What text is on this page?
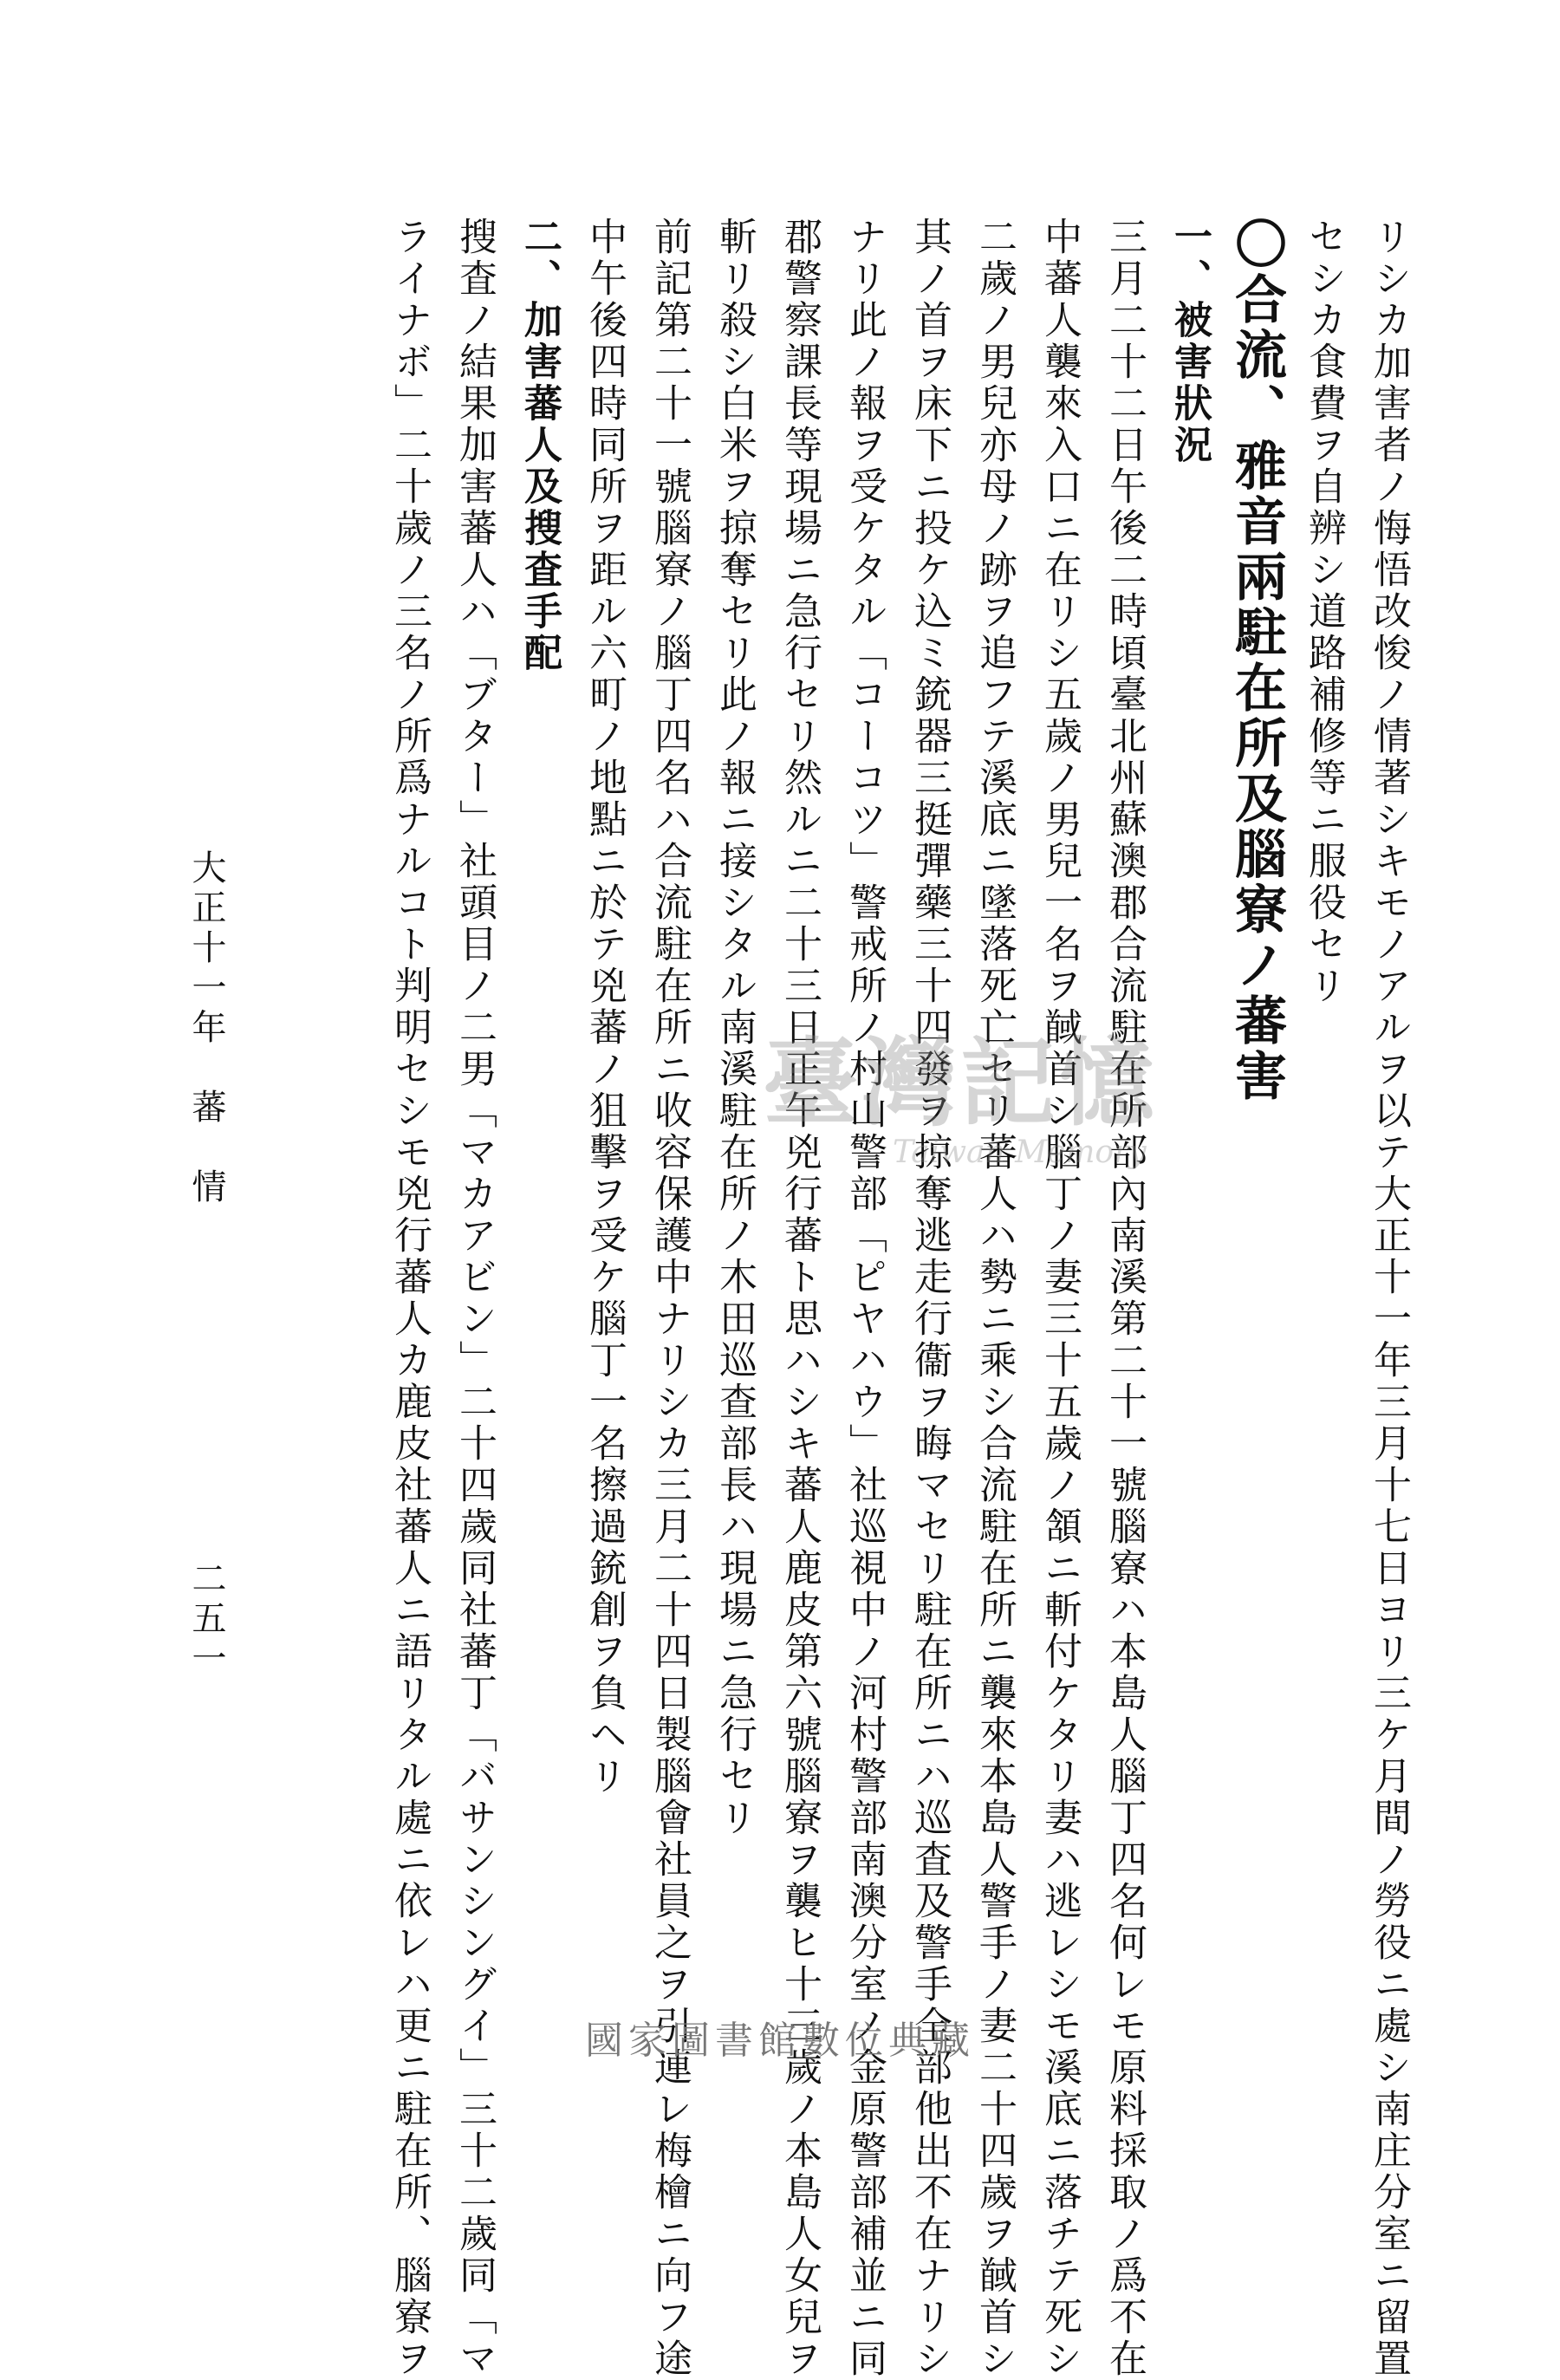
リシカ加害者ノ悔悟改悛ノ情著シキモノアルヲ以テ大正十一年三月十七日ヨリ三ケ月間ノ勞役ニ處シ南庄分室ニ留置
セシカ食費ヲ自辨シ道路補修等ニ服役セリ
〇合流、雅音兩駐在所及腦寮ノ蕃害
一、被害狀況
三月二十二日午後二時頃臺北州蘇澳郡合流駐在所部內南溪第二十一號腦寮ハ本島人腦丁四名何レモ原料採取ノ爲不在
中蕃人襲來入口ニ在リシ五歲ノ男兒一名ヲ馘首シ腦丁ノ妻三十五歲ノ頷ニ斬付ケタリ妻ハ逃レシモ溪底ニ落チテ死シ
二歲ノ男兒亦母ノ跡ヲ追フテ溪底ニ墜落死亡セリ蕃人ハ勢ニ乘シ合流駐在所ニ襲來本島人警手ノ妻二十四歲ヲ馘首シ
其ノ首ヲ床下ニ投ケ込ミ銃器三挺彈藥三十四發ヲ掠奪逃走行衞ヲ晦マセリ駐在所ニハ巡査及警手全部他出不在ナリシ
ナリ此ノ報ヲ受ケタル「コーコツ」警戒所ノ村山警部「ピヤハウ」社巡視中ノ河村警部南澳分室ノ金原警部補並ニ同
郡警察課長等現場ニ急行セリ然ルニ二十三日正午兇行蕃ト思ハシキ蕃人鹿皮第六號腦寮ヲ襲ヒ十三歲ノ本島人女兒ヲ
斬リ殺シ白米ヲ掠奪セリ此ノ報ニ接シタル南溪駐在所ノ木田巡查部長ハ現場ニ急行セリ
前記第二十一號腦寮ノ腦丁四名ハ合流駐在所ニ收容保護中ナリシカ三月二十四日製腦會社員之ヲ引連レ梅檜ニ向フ途
中午後四時同所ヲ距ル六町ノ地點ニ於テ兇蕃ノ狙擊ヲ受ケ腦丁一名擦過銃創ヲ負ヘリ
二、加害蕃人及搜査手配
搜査ノ結果加害蕃人ハ「ブター」社頭目ノ二男「マカアビン」二十四歲同社蕃丁「バサンシングイ」三十二歲同「マ
ライナボ」二十歲ノ三名ノ所爲ナルコト判明セシモ兇行蕃人カ鹿皮社蕃人ニ語リタル處ニ依レハ更ニ駐在所、腦寮ヲ
大正十一年　蕃　情
二五一
臺灣記憶
Taiwan Memory
國家圖書館數位典藏
